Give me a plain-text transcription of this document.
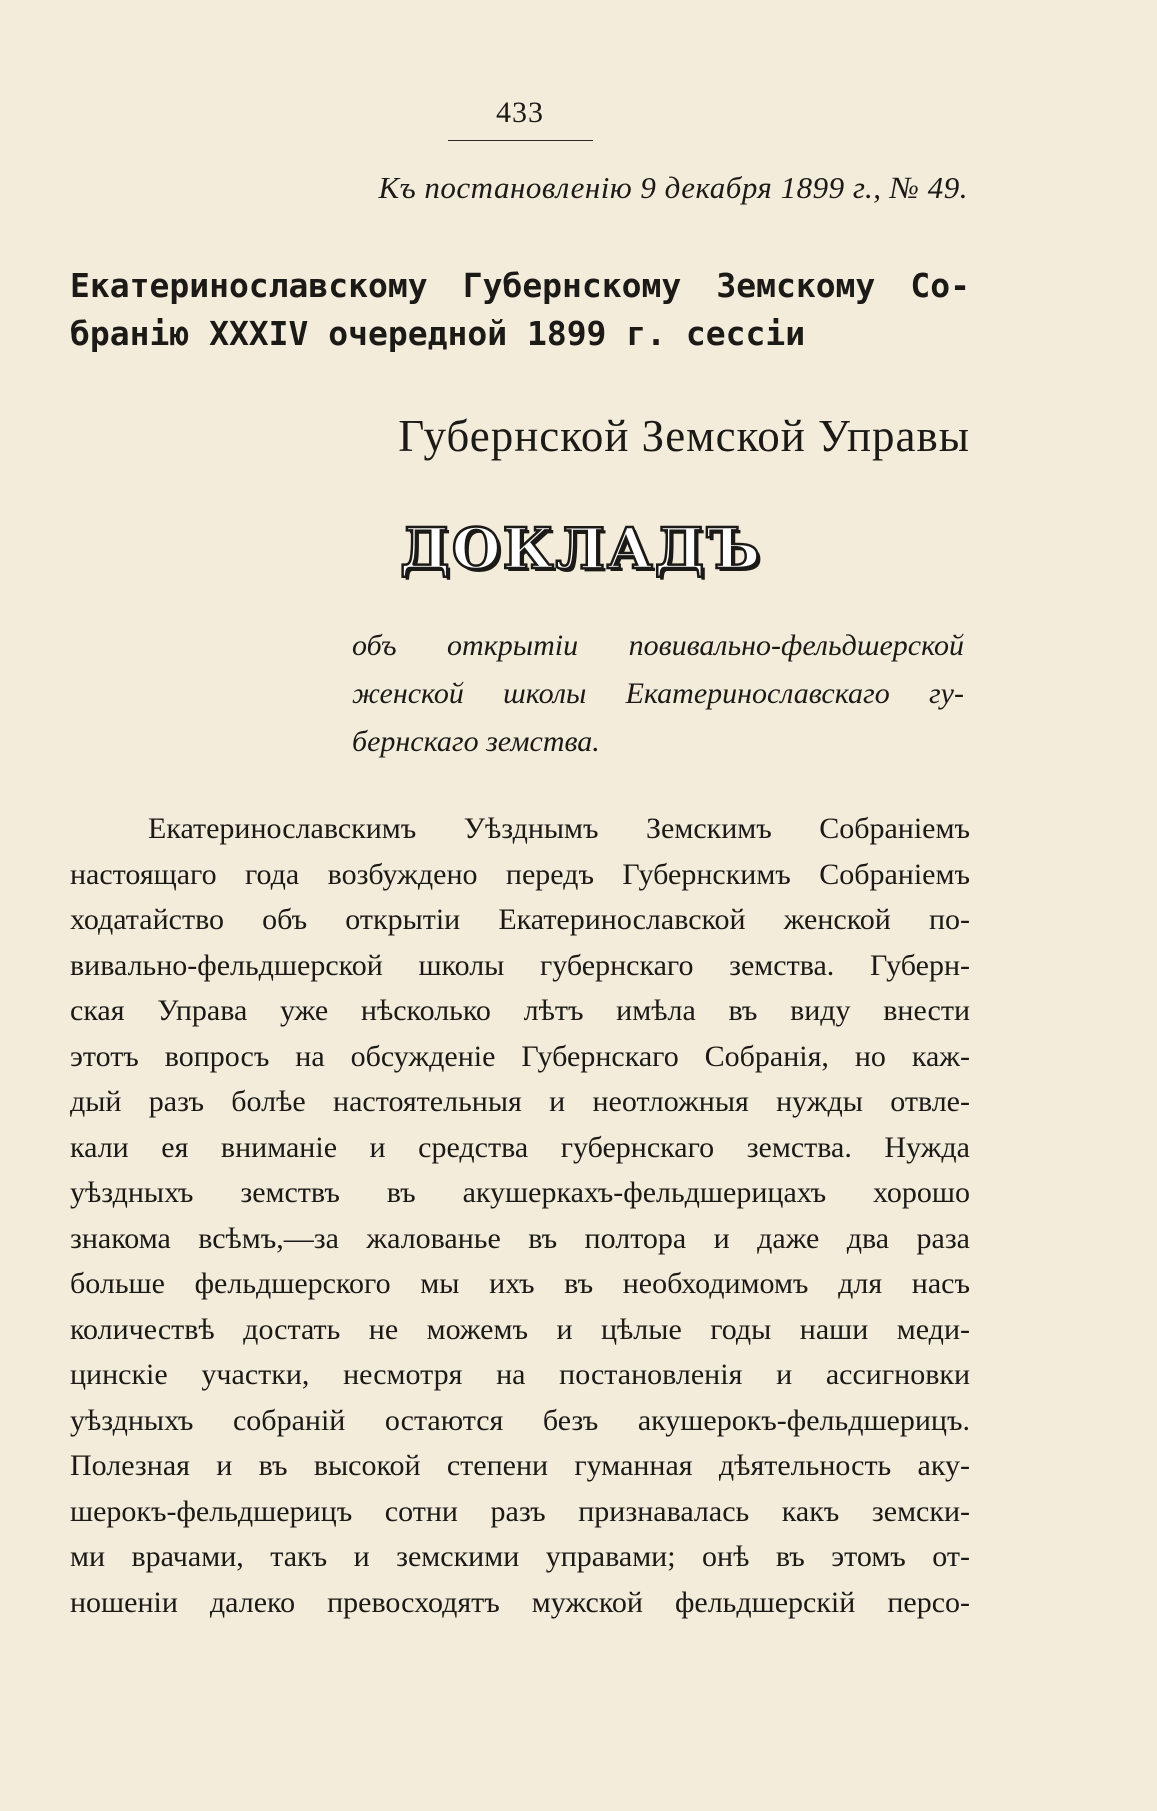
433
Къ постановленію 9 декабря 1899 г., № 49.
Екатеринославскому Губернскому Земскому Со-
бранію XXXIV очередной 1899 г. сессіи
Губернской Земской Управы
ДОКЛАДЪ
объ открытіи повивально-фельдшерской
женской школы Екатеринославскаго гу-
бернскаго земства.
Екатеринославскимъ Уѣзднымъ Земскимъ Собраніемъ
настоящаго года возбуждено передъ Губернскимъ Собраніемъ
ходатайство объ открытіи Екатеринославской женской по-
вивально-фельдшерской школы губернскаго земства. Губерн-
ская Управа уже нѣсколько лѣтъ имѣла въ виду внести
этотъ вопросъ на обсужденіе Губернскаго Собранія, но каж-
дый разъ болѣе настоятельныя и неотложныя нужды отвле-
кали ея вниманіе и средства губернскаго земства. Нужда
уѣздныхъ земствъ въ акушеркахъ-фельдшерицахъ хорошо
знакома всѣмъ,—за жалованье въ полтора и даже два раза
больше фельдшерского мы ихъ въ необходимомъ для насъ
количествѣ достать не можемъ и цѣлые годы наши меди-
цинскіе участки, несмотря на постановленія и ассигновки
уѣздныхъ собраній остаются безъ акушерокъ-фельдшерицъ.
Полезная и въ высокой степени гуманная дѣятельность аку-
шерокъ-фельдшерицъ сотни разъ признавалась какъ земски-
ми врачами, такъ и земскими управами; онѣ въ этомъ от-
ношеніи далеко превосходятъ мужской фельдшерскій персо-
